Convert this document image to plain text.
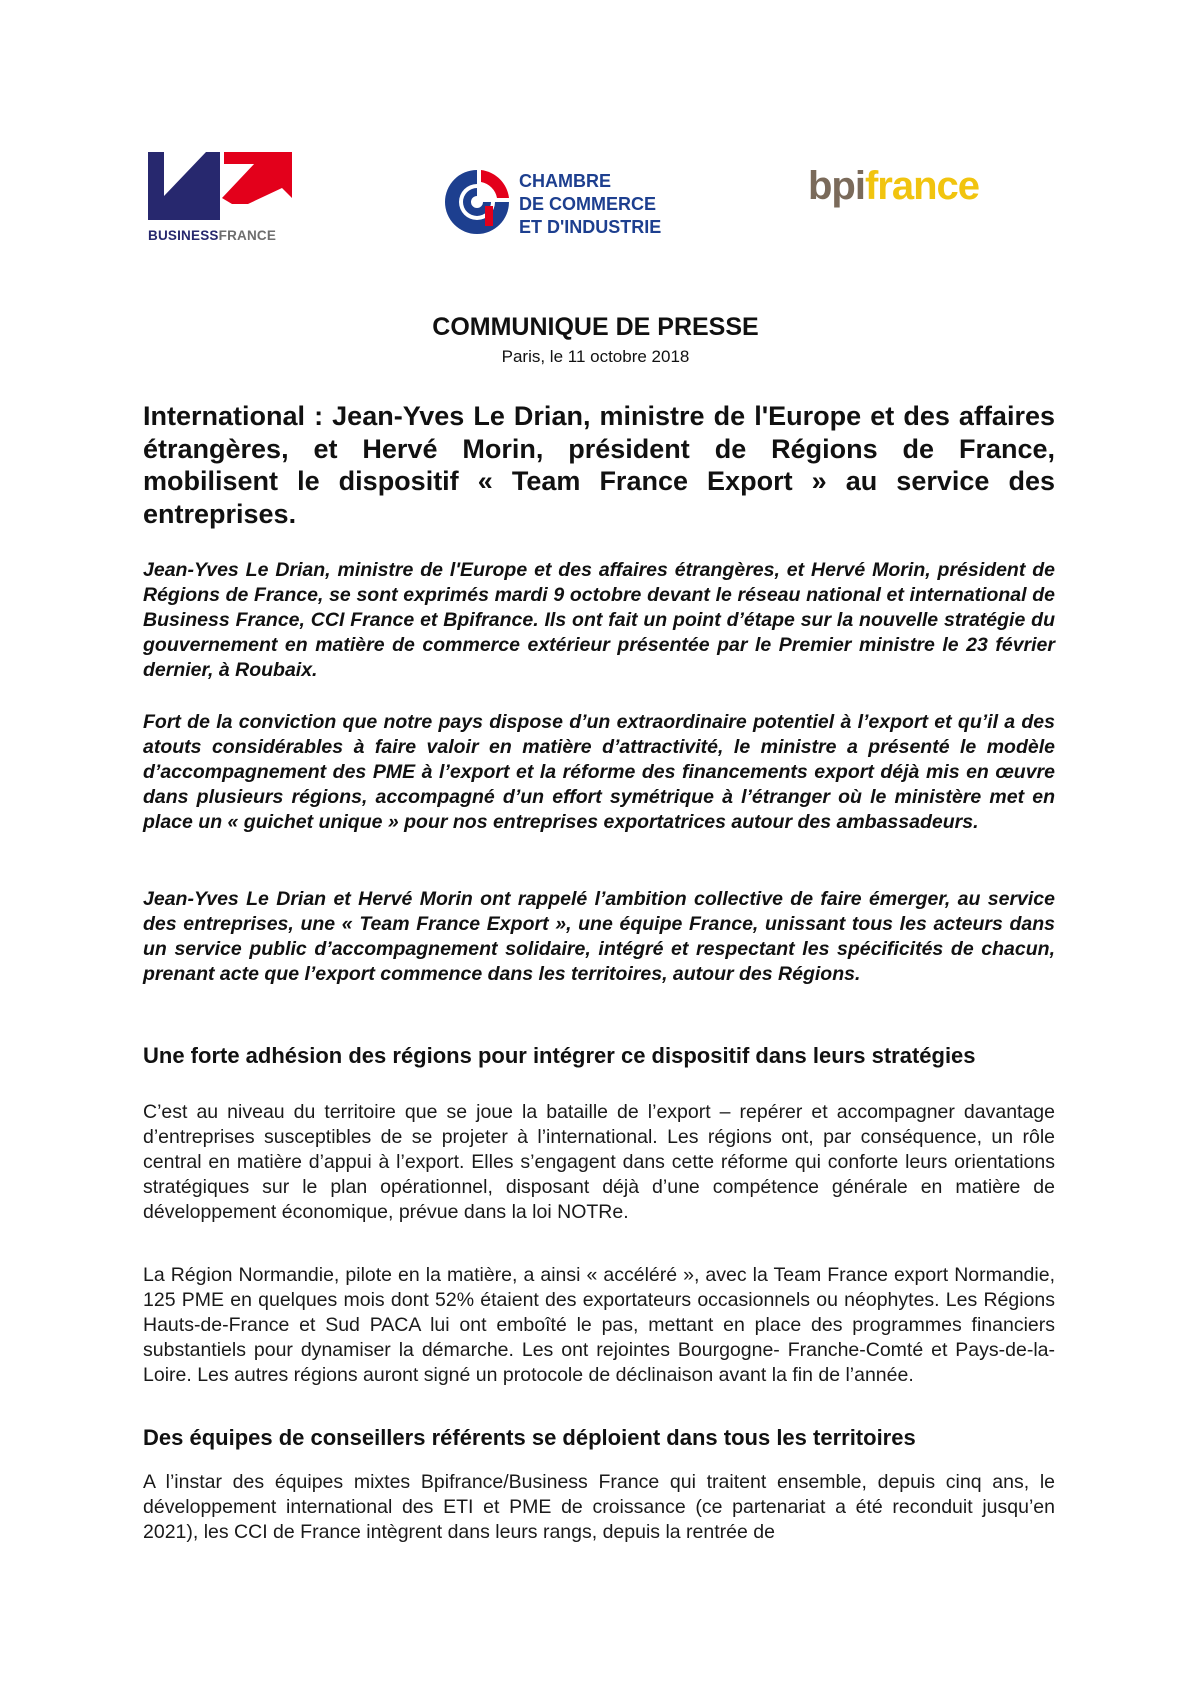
BUSINESSFRANCE
CHAMBRE
DE COMMERCE
ET D'INDUSTRIE
bpifrance
COMMUNIQUE DE PRESSE
Paris, le 11 octobre 2018
International : Jean-Yves Le Drian, ministre de l'Europe et des affaires étrangères, et Hervé Morin, président de Régions de France, mobilisent le dispositif « Team France Export » au service des entreprises.
Jean-Yves Le Drian, ministre de l'Europe et des affaires étrangères, et Hervé Morin, président de Régions de France, se sont exprimés mardi 9 octobre devant le réseau national et international de Business France, CCI France et Bpifrance. Ils ont fait un point d’étape sur la nouvelle stratégie du gouvernement en matière de commerce extérieur présentée par le Premier ministre le 23 février dernier, à Roubaix.
Fort de la conviction que notre pays dispose d’un extraordinaire potentiel à l’export et qu’il a des atouts considérables à faire valoir en matière d’attractivité, le ministre a présenté le modèle d’accompagnement des PME à l’export et la réforme des financements export déjà mis en œuvre dans plusieurs régions, accompagné d’un effort symétrique à l’étranger où le ministère met en place un « guichet unique » pour nos entreprises exportatrices autour des ambassadeurs.
Jean-Yves Le Drian et Hervé Morin ont rappelé l’ambition collective de faire émerger, au service des entreprises, une « Team France Export », une équipe France, unissant tous les acteurs dans un service public d’accompagnement solidaire, intégré et respectant les spécificités de chacun, prenant acte que l’export commence dans les territoires, autour des Régions.
Une forte adhésion des régions pour intégrer ce dispositif dans leurs stratégies
C’est au niveau du territoire que se joue la bataille de l’export – repérer et accompagner davantage d’entreprises susceptibles de se projeter à l’international. Les régions ont, par conséquence, un rôle central en matière d’appui à l’export. Elles s’engagent dans cette réforme qui conforte leurs orientations stratégiques sur le plan opérationnel, disposant déjà d’une compétence générale en matière de développement économique, prévue dans la loi NOTRe.
La Région Normandie, pilote en la matière, a ainsi « accéléré », avec la Team France export Normandie, 125 PME en quelques mois dont 52% étaient des exportateurs occasionnels ou néophytes. Les Régions Hauts-de-France et Sud PACA lui ont emboîté le pas, mettant en place des programmes financiers substantiels pour dynamiser la démarche. Les ont rejointes Bourgogne- Franche-Comté et Pays-de-la-Loire. Les autres régions auront signé un protocole de déclinaison avant la fin de l’année.
Des équipes de conseillers référents se déploient dans tous les territoires
A l’instar des équipes mixtes Bpifrance/Business France qui traitent ensemble, depuis cinq ans, le développement international des ETI et PME de croissance (ce partenariat a été reconduit jusqu’en 2021), les CCI de France intègrent dans leurs rangs, depuis la rentrée de
